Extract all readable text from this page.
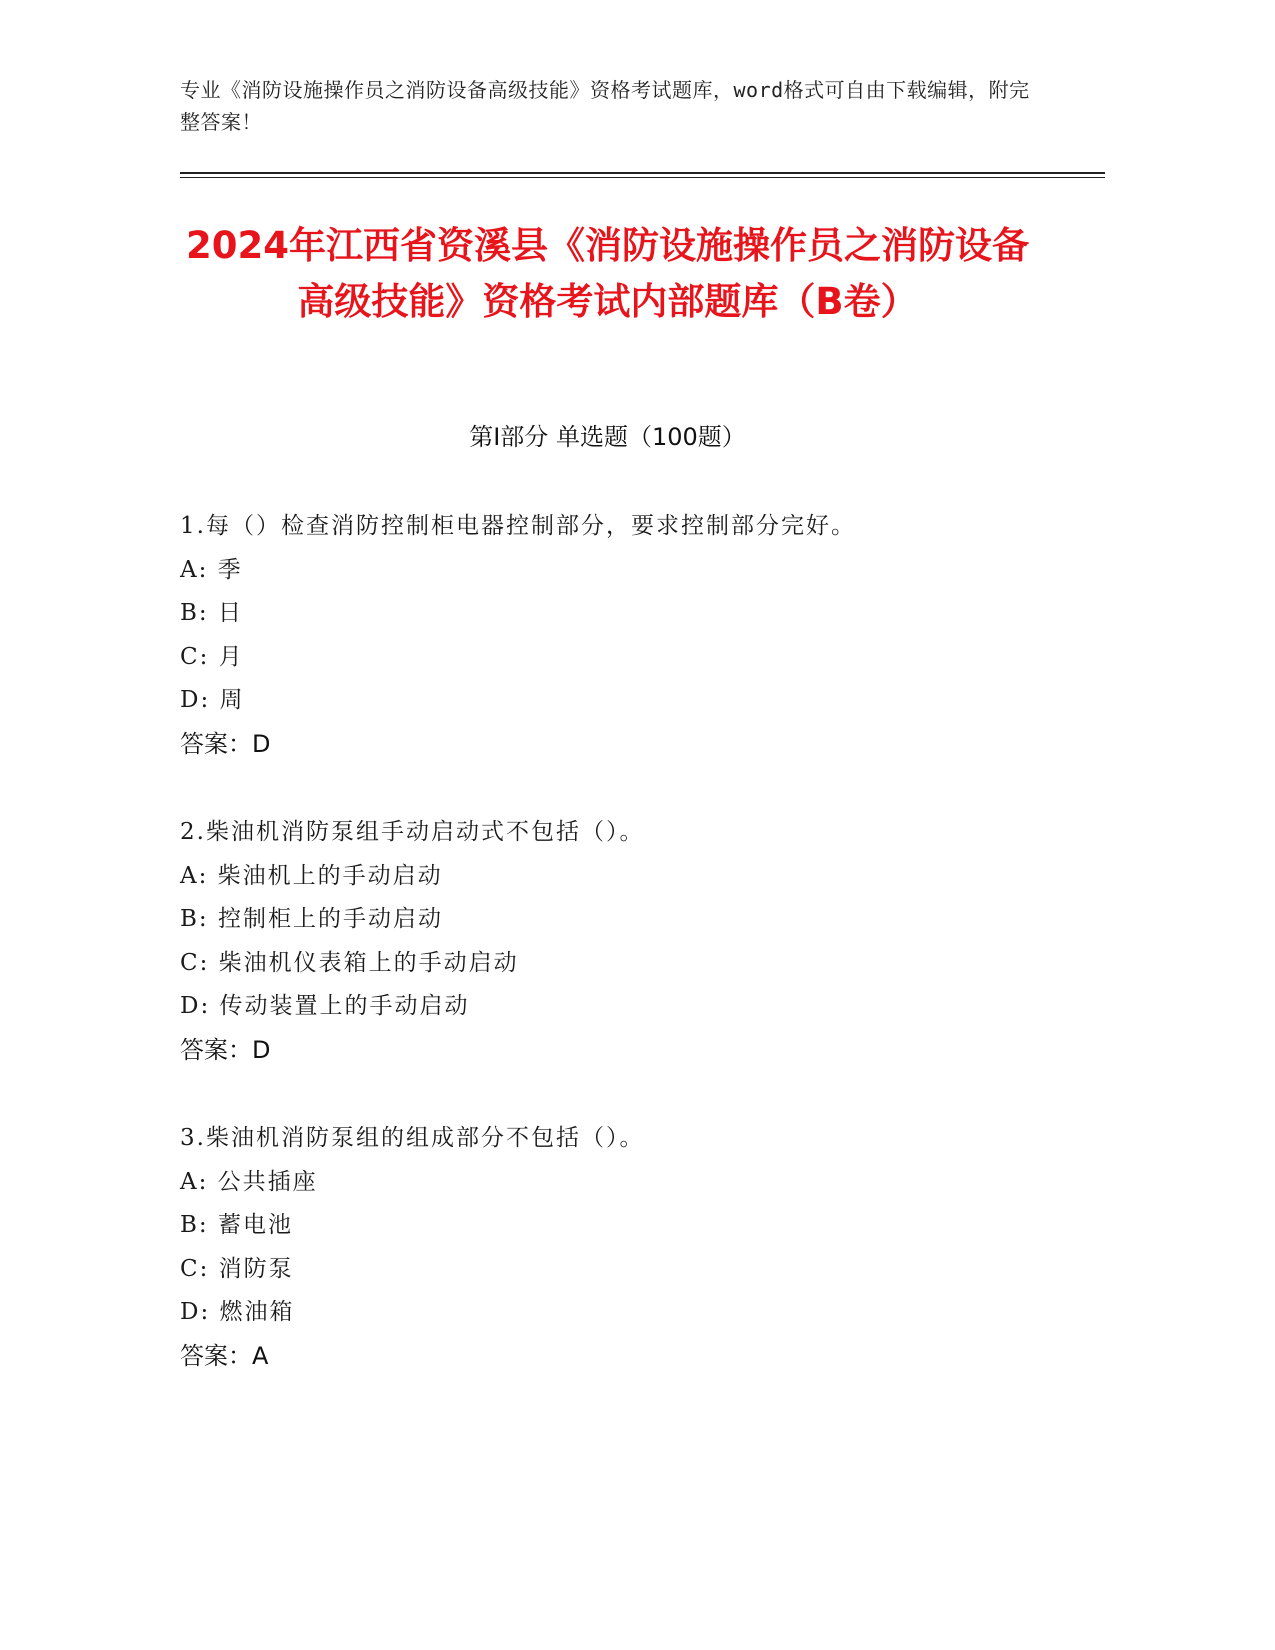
专业《消防设施操作员之消防设备高级技能》资格考试题库，word格式可自由下载编辑，附完整答案！
2024年江西省资溪县《消防设施操作员之消防设备高级技能》资格考试内部题库（B卷）
第Ⅰ部分 单选题（100题）
1.每（）检查消防控制柜电器控制部分，要求控制部分完好。
A: 季
B: 日
C: 月
D: 周
答案：D
2.柴油机消防泵组手动启动式不包括（）。
A: 柴油机上的手动启动
B: 控制柜上的手动启动
C: 柴油机仪表箱上的手动启动
D: 传动装置上的手动启动
答案：D
3.柴油机消防泵组的组成部分不包括（）。
A: 公共插座
B: 蓄电池
C: 消防泵
D: 燃油箱
答案：A
